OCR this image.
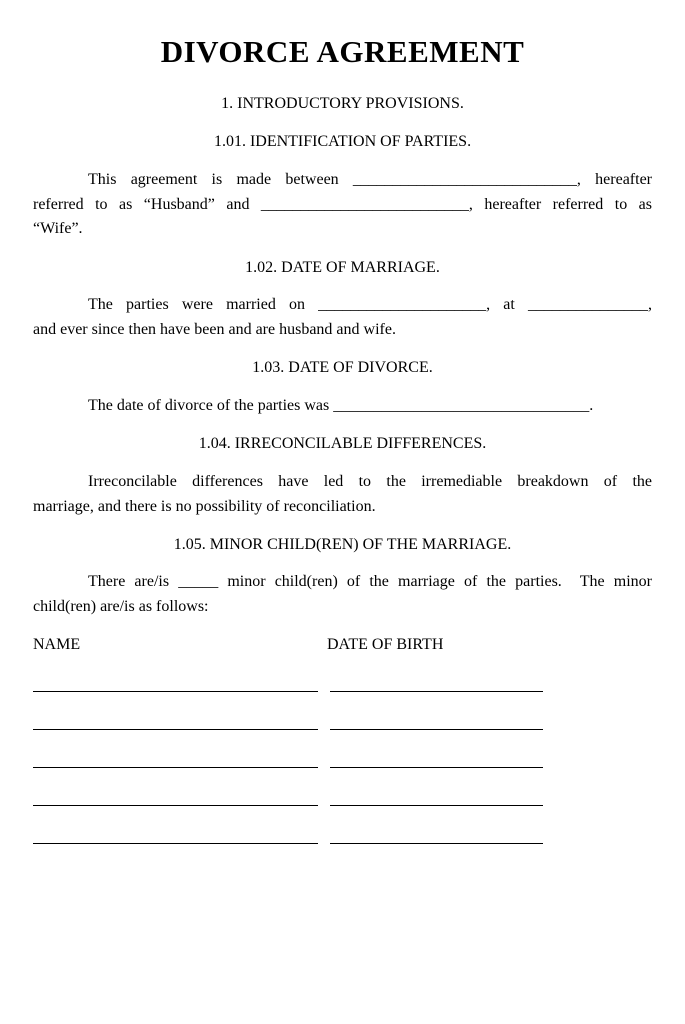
DIVORCE AGREEMENT
1. INTRODUCTORY PROVISIONS.
1.01. IDENTIFICATION OF PARTIES.
This agreement is made between ____________________________, hereafter
referred to as “Husband” and __________________________, hereafter referred to as
“Wife”.
1.02. DATE OF MARRIAGE.
The parties were married on _____________________, at _______________,
and ever since then have been and are husband and wife.
1.03. DATE OF DIVORCE.
The date of divorce of the parties was ________________________________.
1.04. IRRECONCILABLE DIFFERENCES.
Irreconcilable differences have led to the irremediable breakdown of the
marriage, and there is no possibility of reconciliation.
1.05. MINOR CHILD(REN) OF THE MARRIAGE.
There are/is _____ minor child(ren) of the marriage of the parties.  The minor
child(ren) are/is as follows:
NAME	DATE OF BIRTH
